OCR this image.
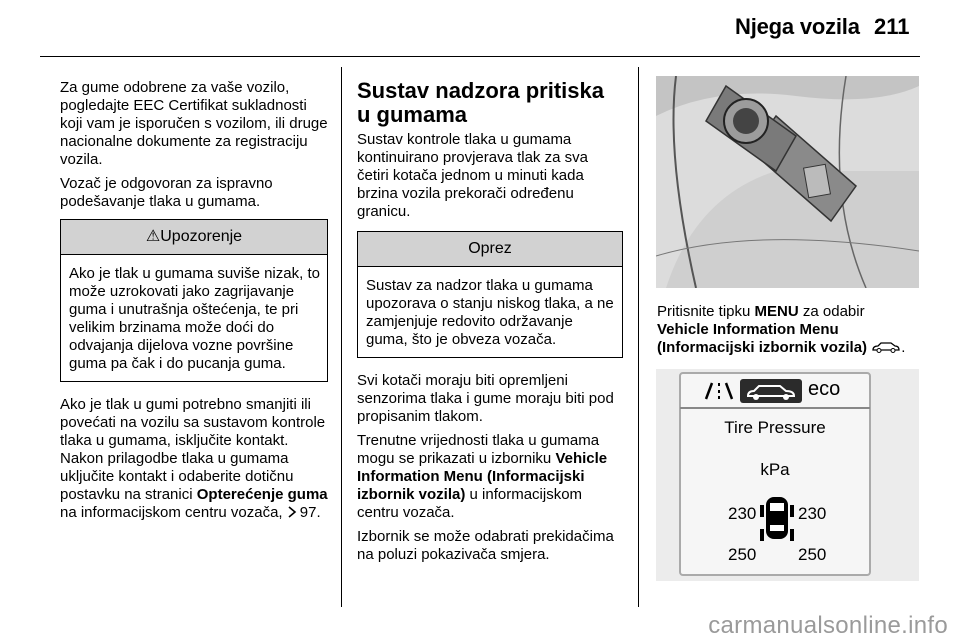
Njega vozila 211

Za gume odobrene za vaše vozilo, pogledajte EEC Certifikat sukladnosti koji vam je isporučen s vozilom, ili druge nacionalne dokumente za registraciju vozila.

Vozač je odgovoran za ispravno podešavanje tlaka u gumama.

⚠Upozorenje
Ako je tlak u gumama suviše nizak, to može uzrokovati jako zagrijavanje guma i unutrašnja oštećenja, te pri velikim brzinama može doći do odvajanja dijelova vozne površine guma pa čak i do pucanja guma.

Ako je tlak u gumi potrebno smanjiti ili povećati na vozilu sa sustavom kontrole tlaka u gumama, isključite kontakt. Nakon prilagodbe tlaka u gumama uključite kontakt i odaberite dotičnu postavku na stranici Opterećenje guma na informacijskom centru vozača, 97.

Sustav nadzora pritiska u gumama

Sustav kontrole tlaka u gumama kontinuirano provjerava tlak za sva četiri kotača jednom u minuti kada brzina vozila prekorači određenu granicu.

Oprez
Sustav za nadzor tlaka u gumama upozorava o stanju niskog tlaka, a ne zamjenjuje redovito održavanje guma, što je obveza vozača.

Svi kotači moraju biti opremljeni senzorima tlaka i gume moraju biti pod propisanim tlakom.

Trenutne vrijednosti tlaka u gumama mogu se prikazati u izborniku Vehicle Information Menu (Informacijski izbornik vozila) u informacijskom centru vozača.

Izbornik se može odabrati prekidačima na poluzi pokazivača smjera.

Pritisnite tipku MENU za odabir
Vehicle Information Menu (Informacijski izbornik vozila) .

eco
Tire Pressure
kPa
230 230
250 250
carmanualsonline.info
